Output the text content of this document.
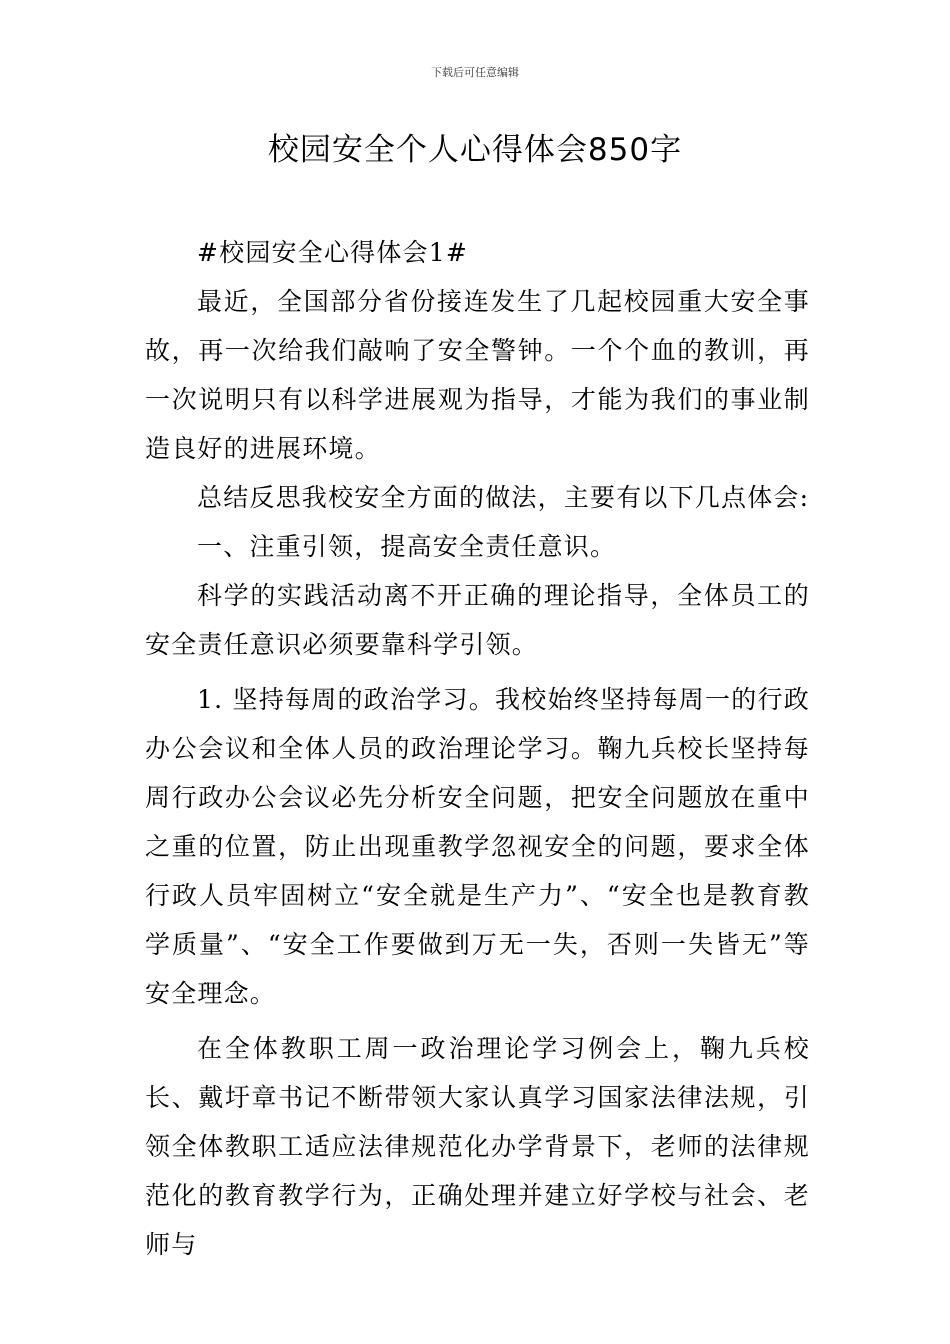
下载后可任意编辑
校园安全个人心得体会850字

#校园安全心得体会1#

最近，全国部分省份接连发生了几起校园重大安全事故，再一次给我们敲响了安全警钟。一个个血的教训，再一次说明只有以科学进展观为指导，才能为我们的事业制造良好的进展环境。

总结反思我校安全方面的做法，主要有以下几点体会:

一、注重引领，提高安全责任意识。

科学的实践活动离不开正确的理论指导，全体员工的安全责任意识必须要靠科学引领。

1. 坚持每周的政治学习。我校始终坚持每周一的行政办公会议和全体人员的政治理论学习。鞠九兵校长坚持每周行政办公会议必先分析安全问题，把安全问题放在重中之重的位置，防止出现重教学忽视安全的问题，要求全体行政人员牢固树立“安全就是生产力”、“安全也是教育教学质量”、“安全工作要做到万无一失，否则一失皆无”等安全理念。

在全体教职工周一政治理论学习例会上，鞠九兵校长、戴圩章书记不断带领大家认真学习国家法律法规，引领全体教职工适应法律规范化办学背景下，老师的法律规范化的教育教学行为，正确处理并建立好学校与社会、老师与
